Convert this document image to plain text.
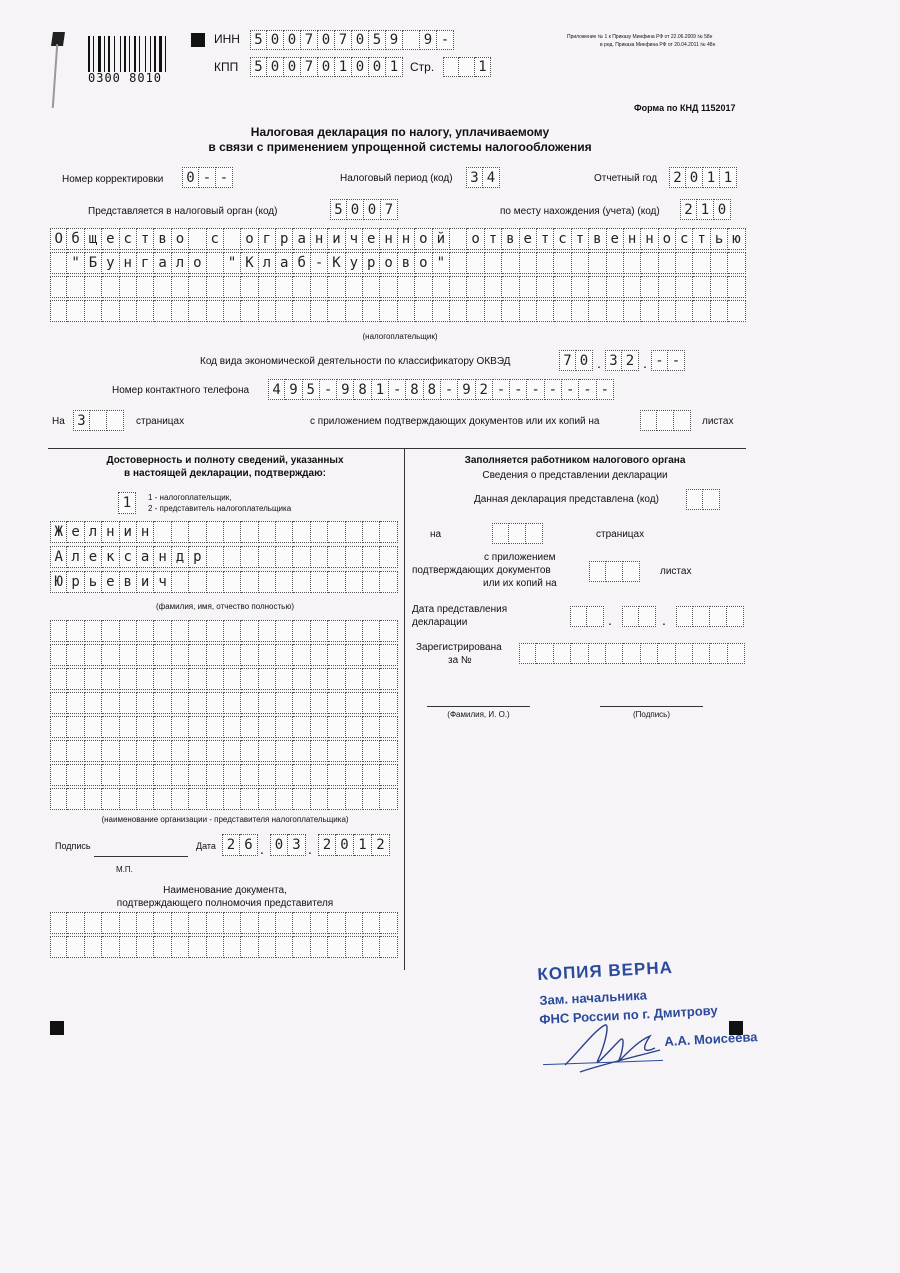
0300 8010
ИНН	5 0 0 7 0 7 0 5 9	9 -
КПП	5 0 0 7 0 1 0 0 1 Стр.	1
Приложение № 1 к Приказу Минфина РФ от 22.06.2009 № 58н
в ред. Приказа Минфина РФ от 20.04.2011 № 48н
Форма по КНД 1152017
Налоговая декларация по налогу, уплачиваемому
в связи с применением упрощенной системы налогообложения
Номер корректировки	0 - -	Налоговый период (код)	3 4	Отчетный год	2 0 1 1
Представляется в налоговый орган (код)	5 0 0 7	по месту нахождения (учета) (код)	2 1 0
О б щ е с т в о	с	о г р а н и ч е н н о й	о т в е т с т в е н н о с т ь ю
" Б у н г а л о	" К л а б - К у р о в о "
(налогоплательщик)
Код вида экономической деятельности по классификатору ОКВЭД	7 0 . 3 2 . - -
Номер контактного телефона	4 9 5 - 9 8 1 - 8 8 - 9 2 - - - - - - -
На 3	страницах	с приложением подтверждающих документов или их копий на	листах
Достоверность и полноту сведений, указанных
в настоящей декларации, подтверждаю:
1	1 - налогоплательщик,
2 - представитель налогоплательщика
Ж е л н и н
А л е к с а н д р
Ю р ь е в и ч
(фамилия, имя, отчество полностью)
(наименование организации - представителя налогоплательщика)
Подпись	Дата 2 6 . 0 3 . 2 0 1 2
М.П.
Наименование документа,
подтверждающего полномочия представителя
Заполняется работником налогового органа
Сведения о представлении декларации
Данная декларация представлена (код)
на	страницах
с приложением
подтверждающих документов
или их копий на
листах
Дата представления
декларации	.	.
Зарегистрирована
за №
(Фамилия, И. О.)	(Подпись)
КОПИЯ ВЕРНА
Зам. начальника
ФНС России по г. Дмитрову
А.А. Моисеева
